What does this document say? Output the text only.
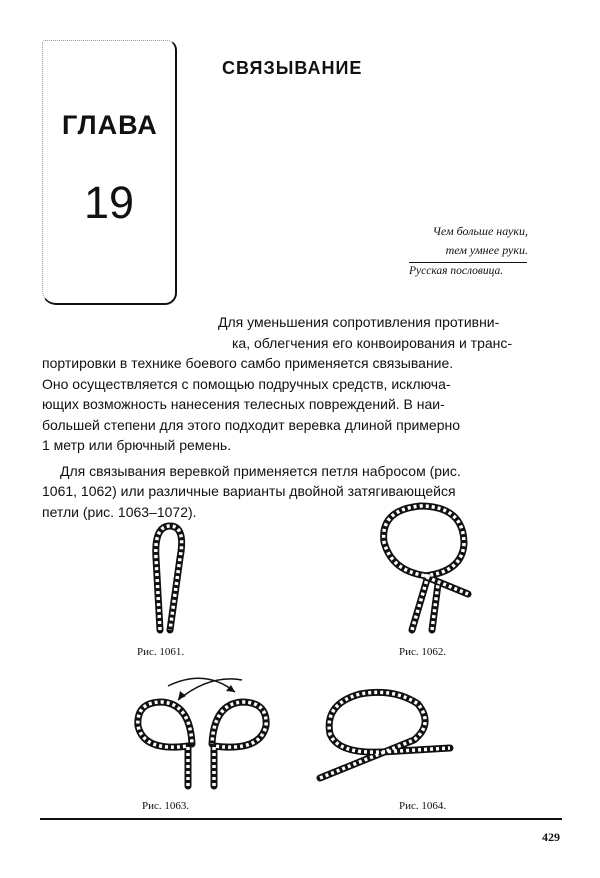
ГЛАВА
19
СВЯЗЫВАНИЕ
Чем больше науки,
тем умнее руки.
Русская пословица.
Для уменьшения сопротивления противни-
ка, облегчения его конвоирования и транс-
портировки в технике боевого самбо применяется связывание.
Оно осуществляется с помощью подручных средств, исключа-
ющих возможность нанесения телесных повреждений. В наи-
большей степени для этого подходит веревка длиной примерно
1 метр или брючный ремень.
Для связывания веревкой применяется петля набросом (рис.
1061, 1062) или различные варианты двойной затягивающейся
петли (рис. 1063–1072).
Рис. 1061.	Рис. 1062.
Рис. 1063.	Рис. 1064.
429
